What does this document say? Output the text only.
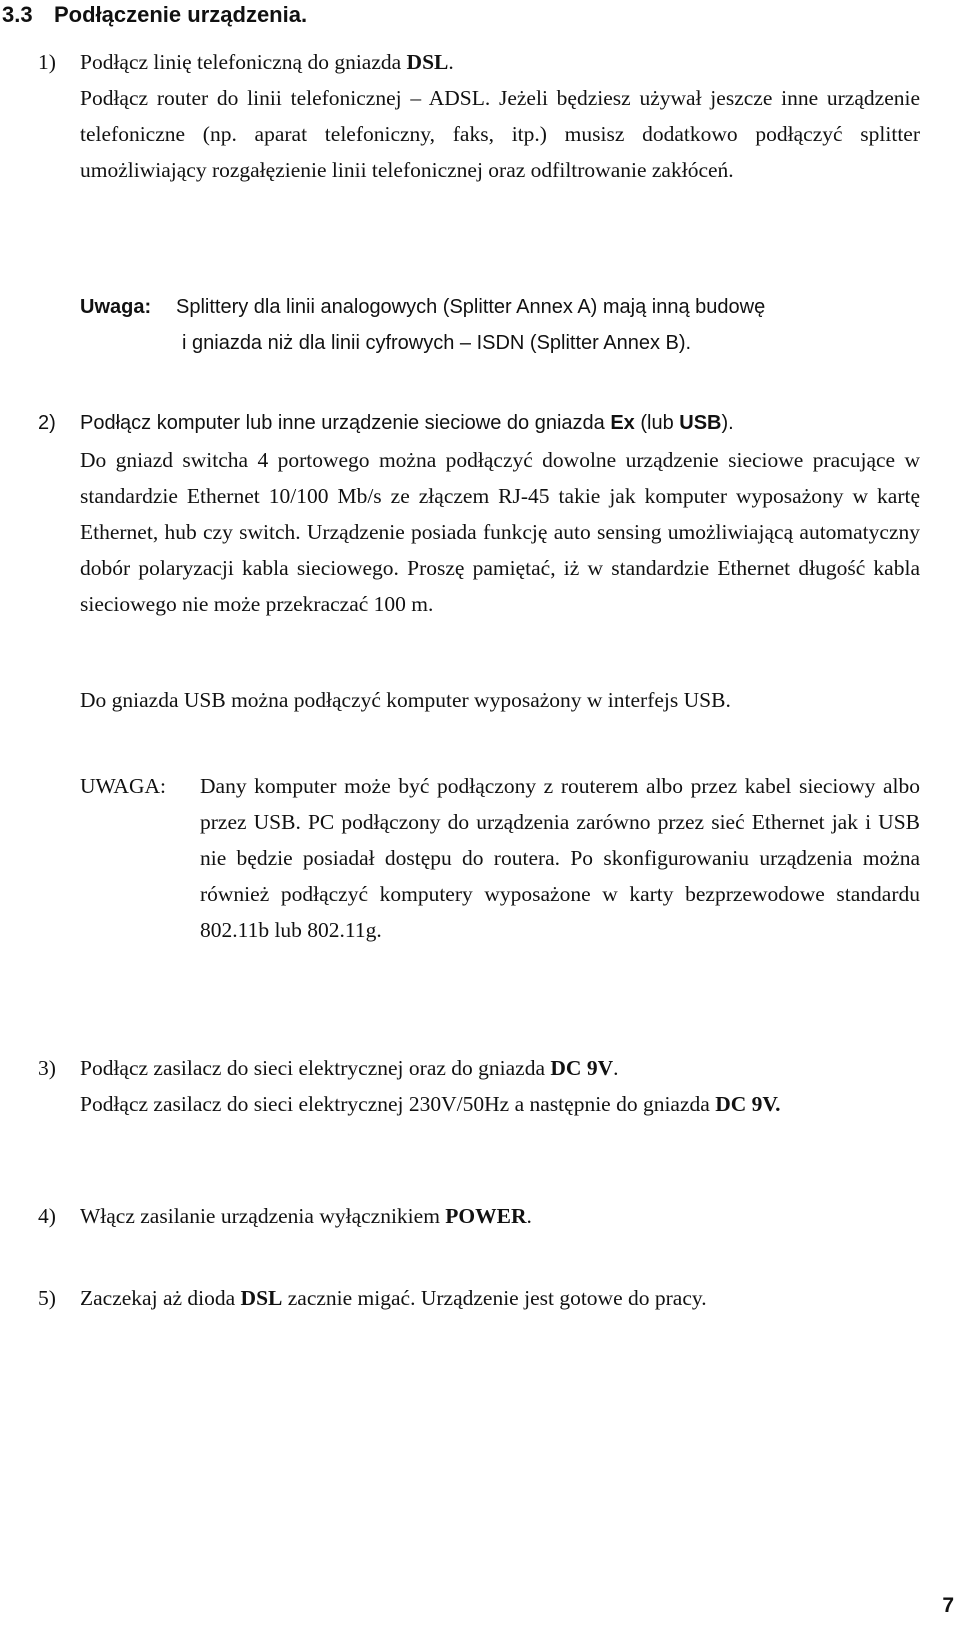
3.3 Podłączenie urządzenia.
1) Podłącz linię telefoniczną do gniazda DSL.

Podłącz router do linii telefonicznej – ADSL. Jeżeli będziesz używał jeszcze inne urządzenie telefoniczne (np. aparat telefoniczny, faks, itp.) musisz dodatkowo podłączyć splitter umożliwiający rozgałęzienie linii telefonicznej oraz odfiltrowanie zakłóceń.

Uwaga: Splittery dla linii analogowych (Splitter Annex A) mają inną budowę

i gniazda niż dla linii cyfrowych – ISDN (Splitter Annex B).

2) Podłącz komputer lub inne urządzenie sieciowe do gniazda Ex (lub USB).

Do gniazd switcha 4 portowego można podłączyć dowolne urządzenie sieciowe pracujące w standardzie Ethernet 10/100 Mb/s ze złączem RJ-45 takie jak komputer wyposażony w kartę Ethernet, hub czy switch. Urządzenie posiada funkcję auto sensing umożliwiającą automatyczny dobór polaryzacji kabla sieciowego. Proszę pamiętać, iż w standardzie Ethernet długość kabla sieciowego nie może przekraczać 100 m.

Do gniazda USB można podłączyć komputer wyposażony w interfejs USB.

UWAGA: Dany komputer może być podłączony z routerem albo przez kabel sieciowy albo przez USB. PC podłączony do urządzenia zarówno przez sieć Ethernet jak i USB nie będzie posiadał dostępu do routera. Po skonfigurowaniu urządzenia można również podłączyć komputery wyposażone w karty bezprzewodowe standardu 802.11b lub 802.11g.

3) Podłącz zasilacz do sieci elektrycznej oraz do gniazda DC 9V.

Podłącz zasilacz do sieci elektrycznej 230V/50Hz a następnie do gniazda DC 9V.

4) Włącz zasilanie urządzenia wyłącznikiem POWER.

5) Zaczekaj aż dioda DSL zacznie migać. Urządzenie jest gotowe do pracy.

7
